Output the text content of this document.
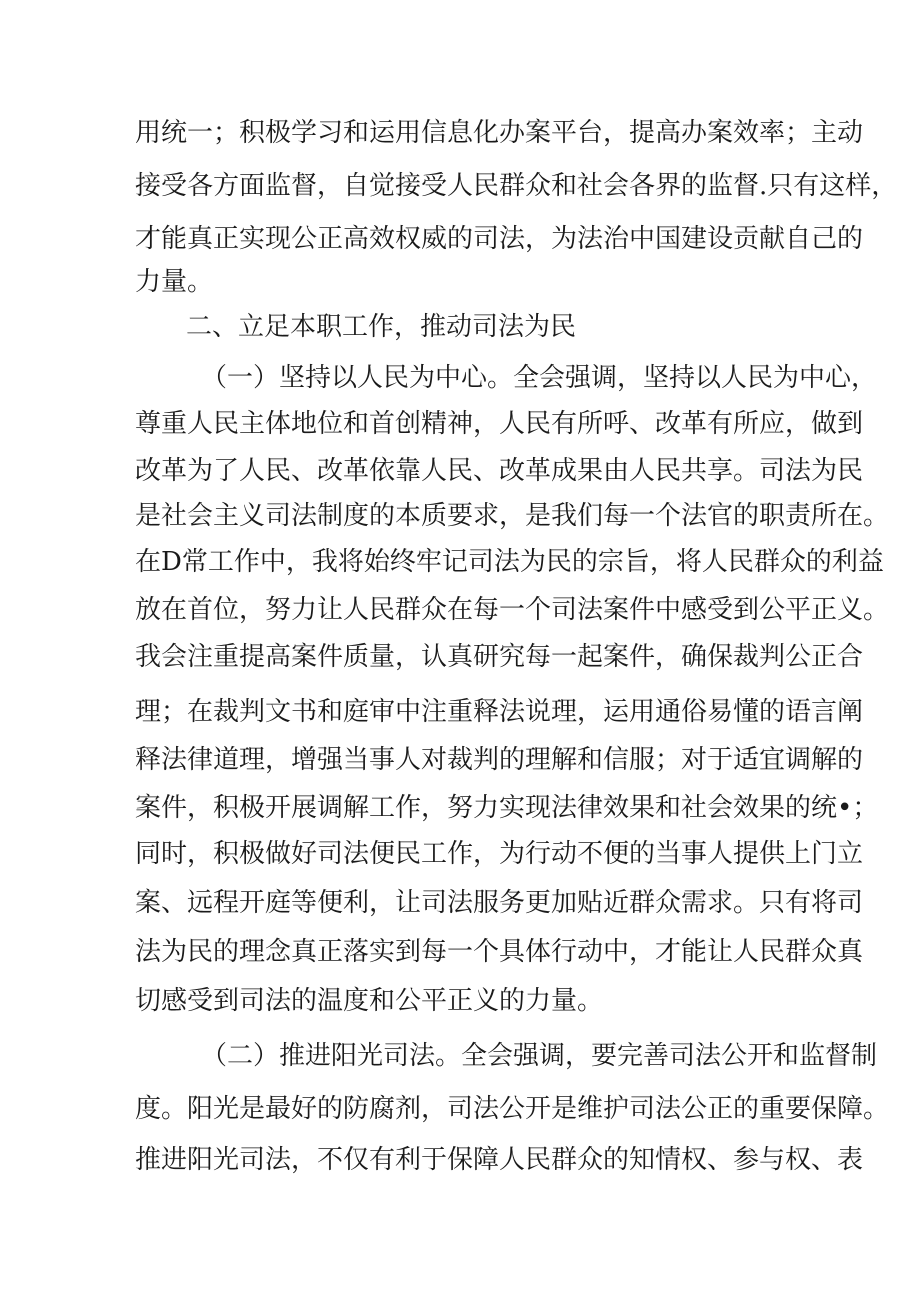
用统一；积极学习和运用信息化办案平台，提高办案效率；主动
接受各方面监督，自觉接受人民群众和社会各界的监督.只有这样，
才能真正实现公正高效权威的司法，为法治中国建设贡献自己的
力量。
二、立足本职工作，推动司法为民
（一）坚持以人民为中心。全会强调，坚持以人民为中心，
尊重人民主体地位和首创精神，人民有所呼、改革有所应，做到
改革为了人民、改革依靠人民、改革成果由人民共享。司法为民
是社会主义司法制度的本质要求，是我们每一个法官的职责所在。
在D常工作中，我将始终牢记司法为民的宗旨，将人民群众的利益
放在首位，努力让人民群众在每一个司法案件中感受到公平正义。
我会注重提高案件质量，认真研究每一起案件，确保裁判公正合
理；在裁判文书和庭审中注重释法说理，运用通俗易懂的语言阐
释法律道理，增强当事人对裁判的理解和信服；对于适宜调解的
案件，积极开展调解工作，努力实现法律效果和社会效果的统•；
同时，积极做好司法便民工作，为行动不便的当事人提供上门立
案、远程开庭等便利，让司法服务更加贴近群众需求。只有将司
法为民的理念真正落实到每一个具体行动中，才能让人民群众真
切感受到司法的温度和公平正义的力量。
（二）推进阳光司法。全会强调，要完善司法公开和监督制
度。阳光是最好的防腐剂，司法公开是维护司法公正的重要保障。
推进阳光司法，不仅有利于保障人民群众的知情权、参与权、表
